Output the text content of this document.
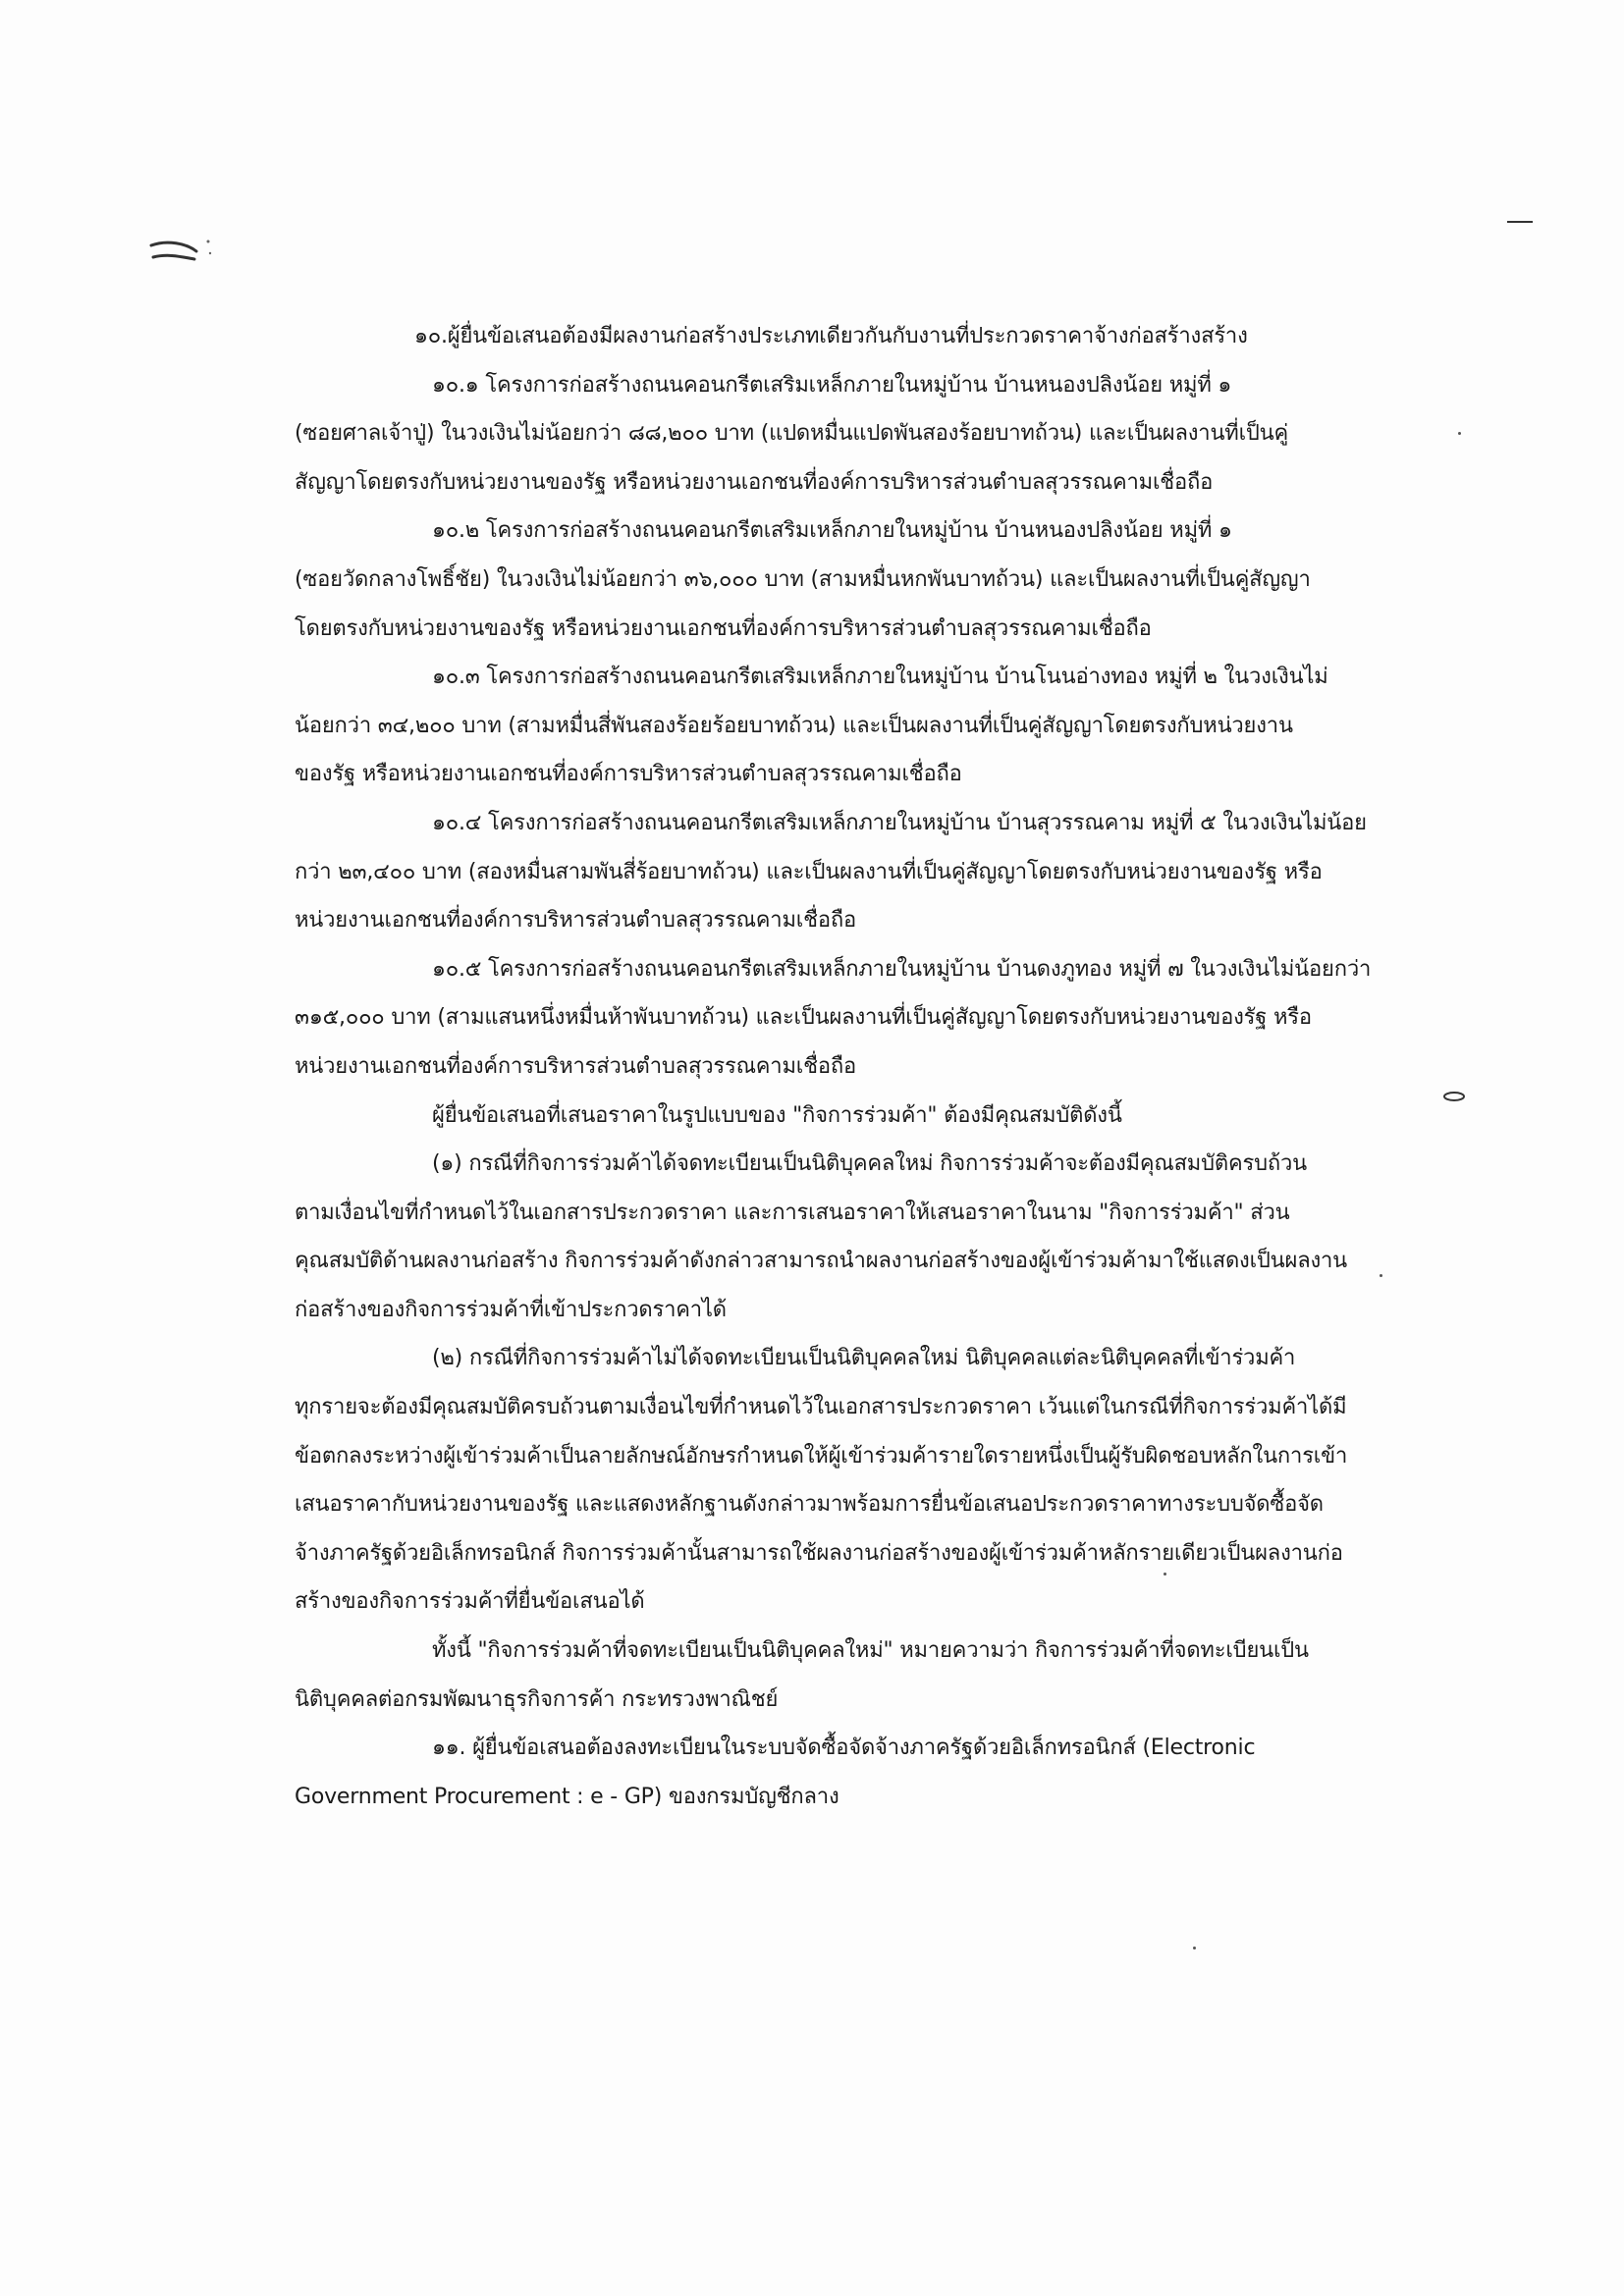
๑๐.ผู้ยื่นข้อเสนอต้องมีผลงานก่อสร้างประเภทเดียวกันกับงานที่ประกวดราคาจ้างก่อสร้างสร้าง
๑๐.๑ โครงการก่อสร้างถนนคอนกรีตเสริมเหล็กภายในหมู่บ้าน บ้านหนองปลิงน้อย หมู่ที่ ๑
(ซอยศาลเจ้าปู่) ในวงเงินไม่น้อยกว่า ๘๘,๒๐๐ บาท (แปดหมื่นแปดพันสองร้อยบาทถ้วน) และเป็นผลงานที่เป็นคู่
สัญญาโดยตรงกับหน่วยงานของรัฐ หรือหน่วยงานเอกชนที่องค์การบริหารส่วนตำบลสุวรรณคามเชื่อถือ
๑๐.๒ โครงการก่อสร้างถนนคอนกรีตเสริมเหล็กภายในหมู่บ้าน บ้านหนองปลิงน้อย หมู่ที่ ๑
(ซอยวัดกลางโพธิ์ชัย) ในวงเงินไม่น้อยกว่า ๓๖,๐๐๐ บาท (สามหมื่นหกพันบาทถ้วน) และเป็นผลงานที่เป็นคู่สัญญา
โดยตรงกับหน่วยงานของรัฐ หรือหน่วยงานเอกชนที่องค์การบริหารส่วนตำบลสุวรรณคามเชื่อถือ
๑๐.๓ โครงการก่อสร้างถนนคอนกรีตเสริมเหล็กภายในหมู่บ้าน บ้านโนนอ่างทอง หมู่ที่ ๒ ในวงเงินไม่
น้อยกว่า ๓๔,๒๐๐ บาท (สามหมื่นสี่พันสองร้อยร้อยบาทถ้วน) และเป็นผลงานที่เป็นคู่สัญญาโดยตรงกับหน่วยงาน
ของรัฐ หรือหน่วยงานเอกชนที่องค์การบริหารส่วนตำบลสุวรรณคามเชื่อถือ
๑๐.๔ โครงการก่อสร้างถนนคอนกรีตเสริมเหล็กภายในหมู่บ้าน บ้านสุวรรณคาม หมู่ที่ ๕ ในวงเงินไม่น้อย
กว่า ๒๓,๔๐๐ บาท (สองหมื่นสามพันสี่ร้อยบาทถ้วน) และเป็นผลงานที่เป็นคู่สัญญาโดยตรงกับหน่วยงานของรัฐ หรือ
หน่วยงานเอกชนที่องค์การบริหารส่วนตำบลสุวรรณคามเชื่อถือ
๑๐.๕ โครงการก่อสร้างถนนคอนกรีตเสริมเหล็กภายในหมู่บ้าน บ้านดงภูทอง หมู่ที่ ๗ ในวงเงินไม่น้อยกว่า
๓๑๕,๐๐๐ บาท (สามแสนหนึ่งหมื่นห้าพันบาทถ้วน) และเป็นผลงานที่เป็นคู่สัญญาโดยตรงกับหน่วยงานของรัฐ หรือ
หน่วยงานเอกชนที่องค์การบริหารส่วนตำบลสุวรรณคามเชื่อถือ
ผู้ยื่นข้อเสนอที่เสนอราคาในรูปแบบของ "กิจการร่วมค้า" ต้องมีคุณสมบัติดังนี้
(๑) กรณีที่กิจการร่วมค้าได้จดทะเบียนเป็นนิติบุคคลใหม่ กิจการร่วมค้าจะต้องมีคุณสมบัติครบถ้วน
ตามเงื่อนไขที่กำหนดไว้ในเอกสารประกวดราคา และการเสนอราคาให้เสนอราคาในนาม "กิจการร่วมค้า" ส่วน
คุณสมบัติด้านผลงานก่อสร้าง กิจการร่วมค้าดังกล่าวสามารถนำผลงานก่อสร้างของผู้เข้าร่วมค้ามาใช้แสดงเป็นผลงาน
ก่อสร้างของกิจการร่วมค้าที่เข้าประกวดราคาได้
(๒) กรณีที่กิจการร่วมค้าไม่ได้จดทะเบียนเป็นนิติบุคคลใหม่ นิติบุคคลแต่ละนิติบุคคลที่เข้าร่วมค้า
ทุกรายจะต้องมีคุณสมบัติครบถ้วนตามเงื่อนไขที่กำหนดไว้ในเอกสารประกวดราคา เว้นแต่ในกรณีที่กิจการร่วมค้าได้มี
ข้อตกลงระหว่างผู้เข้าร่วมค้าเป็นลายลักษณ์อักษรกำหนดให้ผู้เข้าร่วมค้ารายใดรายหนึ่งเป็นผู้รับผิดชอบหลักในการเข้า
เสนอราคากับหน่วยงานของรัฐ และแสดงหลักฐานดังกล่าวมาพร้อมการยื่นข้อเสนอประกวดราคาทางระบบจัดซื้อจัด
จ้างภาครัฐด้วยอิเล็กทรอนิกส์ กิจการร่วมค้านั้นสามารถใช้ผลงานก่อสร้างของผู้เข้าร่วมค้าหลักรายเดียวเป็นผลงานก่อ
สร้างของกิจการร่วมค้าที่ยื่นข้อเสนอได้
ทั้งนี้ "กิจการร่วมค้าที่จดทะเบียนเป็นนิติบุคคลใหม่" หมายความว่า กิจการร่วมค้าที่จดทะเบียนเป็น
นิติบุคคลต่อกรมพัฒนาธุรกิจการค้า กระทรวงพาณิชย์
๑๑. ผู้ยื่นข้อเสนอต้องลงทะเบียนในระบบจัดซื้อจัดจ้างภาครัฐด้วยอิเล็กทรอนิกส์ (Electronic
Government Procurement : e - GP) ของกรมบัญชีกลาง
